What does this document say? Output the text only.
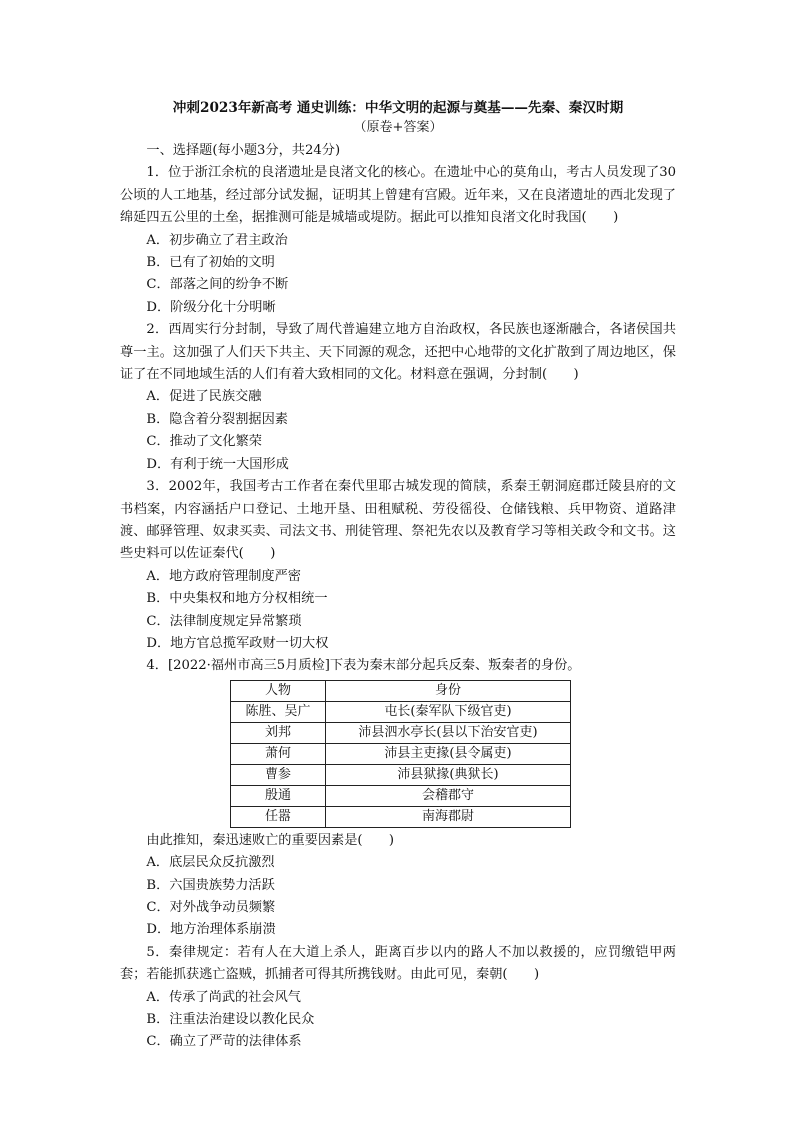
冲刺2023年新高考 通史训练：中华文明的起源与奠基——先秦、秦汉时期
（原卷+答案）
一、选择题(每小题3分，共24分)
1．位于浙江余杭的良渚遗址是良渚文化的核心。在遗址中心的莫角山，考古人员发现了30公顷的人工地基，经过部分试发掘，证明其上曾建有宫殿。近年来，又在良渚遗址的西北发现了绵延四五公里的土垒，据推测可能是城墙或堤防。据此可以推知良渚文化时我国(　　)
A．初步确立了君主政治
B．已有了初始的文明
C．部落之间的纷争不断
D．阶级分化十分明晰
2．西周实行分封制，导致了周代普遍建立地方自治政权，各民族也逐渐融合，各诸侯国共尊一主。这加强了人们天下共主、天下同源的观念，还把中心地带的文化扩散到了周边地区，保证了在不同地域生活的人们有着大致相同的文化。材料意在强调，分封制(　　)
A．促进了民族交融
B．隐含着分裂割据因素
C．推动了文化繁荣
D．有利于统一大国形成
3．2002年，我国考古工作者在秦代里耶古城发现的简牍，系秦王朝洞庭郡迁陵县府的文书档案，内容涵括户口登记、土地开垦、田租赋税、劳役徭役、仓储钱粮、兵甲物资、道路津渡、邮驿管理、奴隶买卖、司法文书、刑徒管理、祭祀先农以及教育学习等相关政令和文书。这些史料可以佐证秦代(　　)
A．地方政府管理制度严密
B．中央集权和地方分权相统一
C．法律制度规定异常繁琐
D．地方官总揽军政财一切大权
4．[2022·福州市高三5月质检]下表为秦末部分起兵反秦、叛秦者的身份。
人物	身份
陈胜、吴广	屯长(秦军队下级官吏)
刘邦	沛县泗水亭长(县以下治安官吏)
萧何	沛县主吏掾(县令属吏)
曹参	沛县狱掾(典狱长)
殷通	会稽郡守
任嚣	南海郡尉
由此推知，秦迅速败亡的重要因素是(　　)
A．底层民众反抗激烈
B．六国贵族势力活跃
C．对外战争动员频繁
D．地方治理体系崩溃
5．秦律规定：若有人在大道上杀人，距离百步以内的路人不加以救援的，应罚缴铠甲两套；若能抓获逃亡盗贼，抓捕者可得其所携钱财。由此可见，秦朝(　　)
A．传承了尚武的社会风气
B．注重法治建设以教化民众
C．确立了严苛的法律体系
